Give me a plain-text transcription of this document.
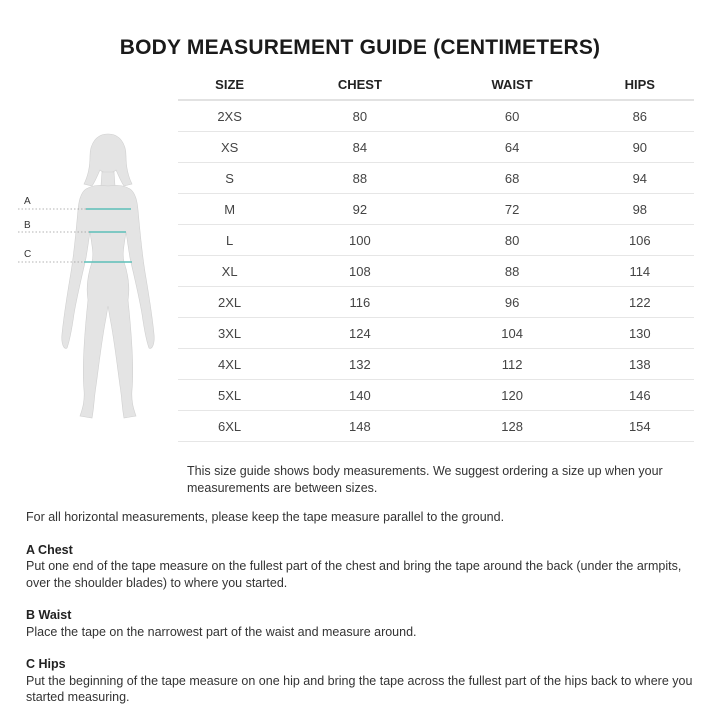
BODY MEASUREMENT GUIDE (CENTIMETERS)
A
B
C
SIZE	CHEST	WAIST	HIPS
2XS	80	60	86
XS	84	64	90
S	88	68	94
M	92	72	98
L	100	80	106
XL	108	88	114
2XL	116	96	122
3XL	124	104	130
4XL	132	112	138
5XL	140	120	146
6XL	148	128	154
This size guide shows body measurements. We suggest ordering a size up when your measurements are between sizes.

For all horizontal measurements, please keep the tape measure parallel to the ground.

A Chest

Put one end of the tape measure on the fullest part of the chest and bring the tape around the back (under the armpits, over the shoulder blades) to where you started.

B Waist

Place the tape on the narrowest part of the waist and measure around.

C Hips

Put the beginning of the tape measure on one hip and bring the tape across the fullest part of the hips back to where you started measuring.
